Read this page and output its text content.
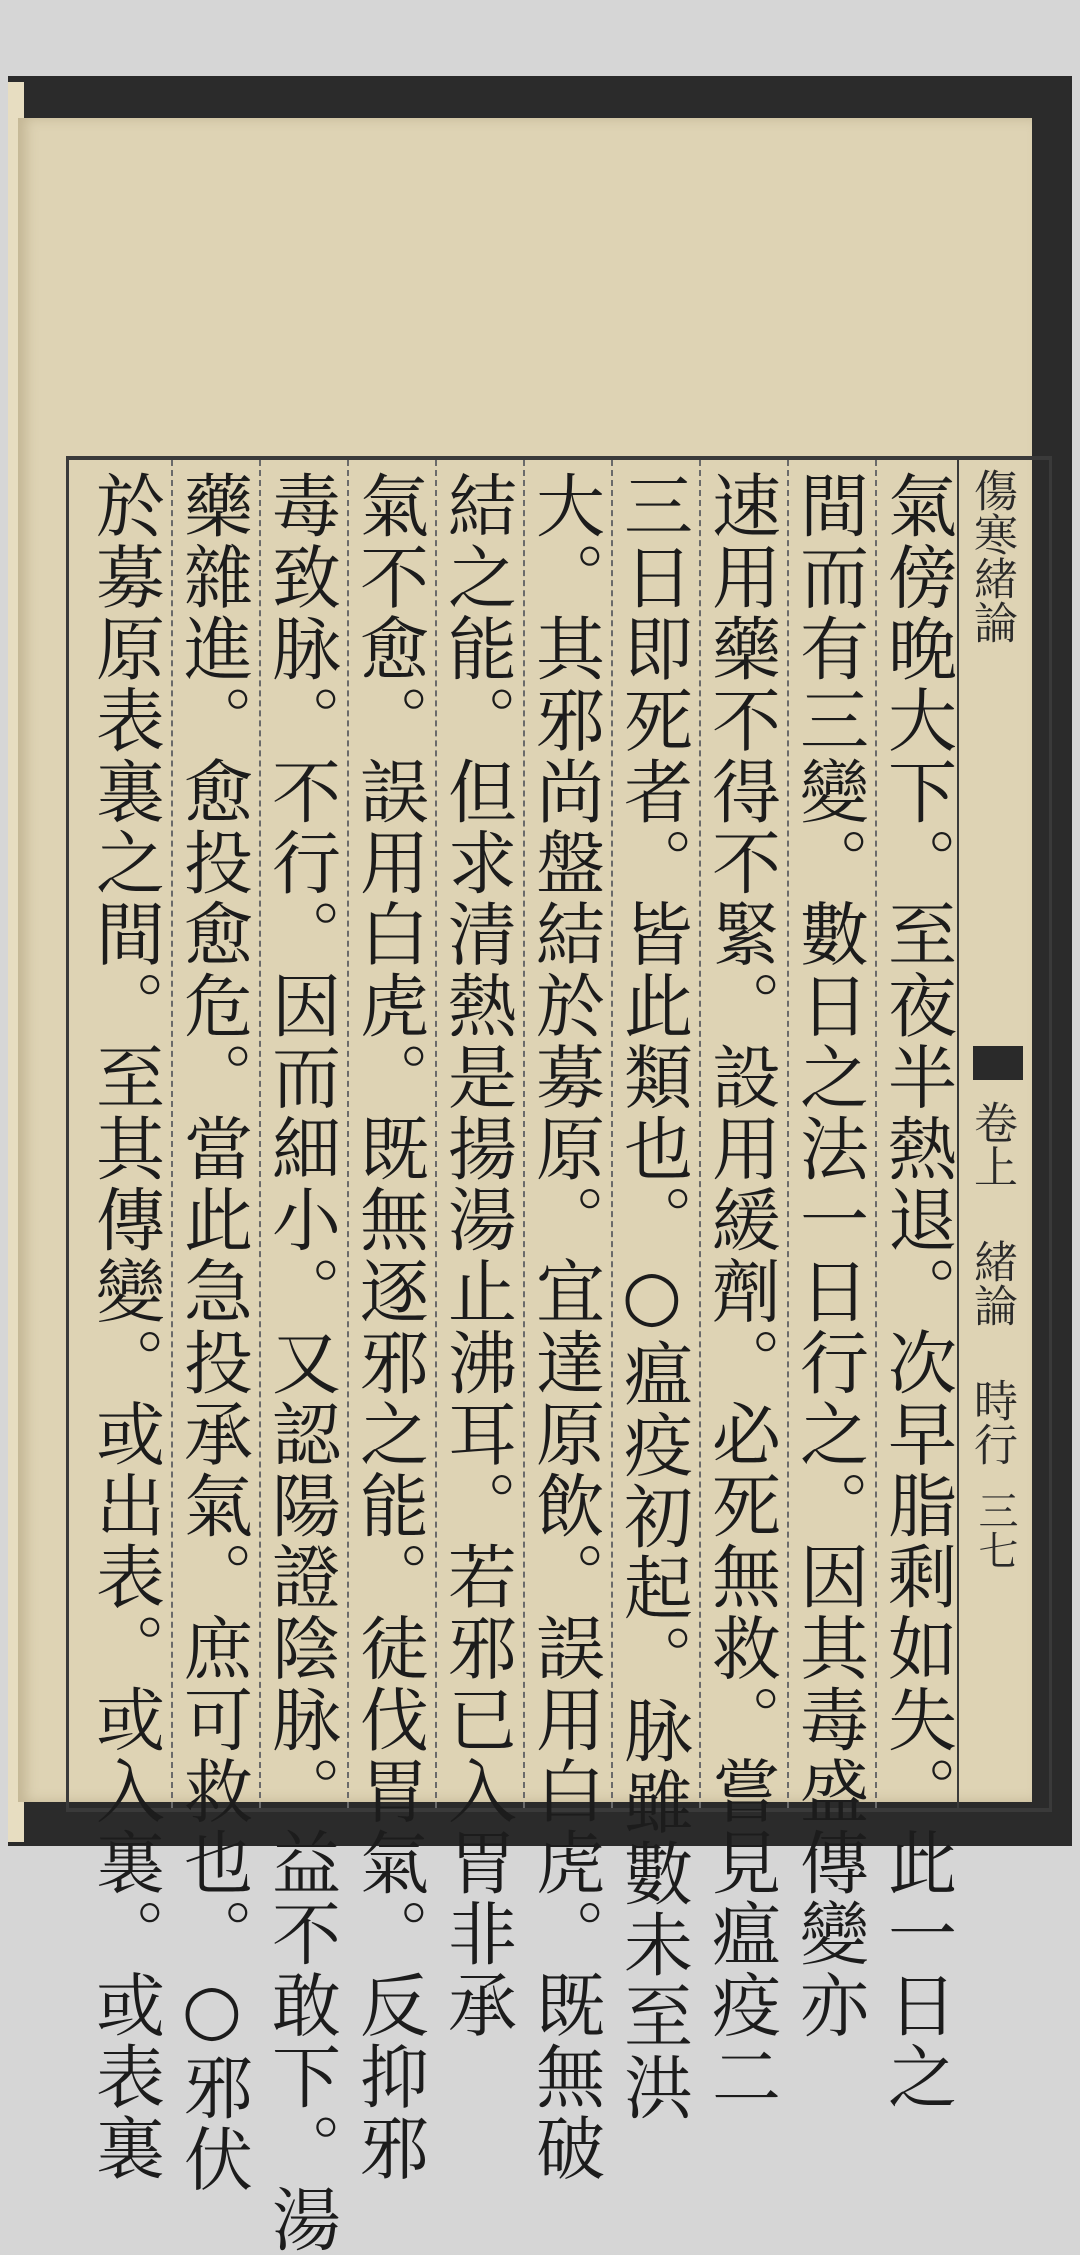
氣傍晚大下。至夜半熱退。次早脂剩如失。此一日之
間而有三變。數日之法一日行之。因其毒盛傳變亦
速用藥不得不緊。設用緩劑。必死無救。嘗見瘟疫二
三日即死者。皆此類也。○瘟疫初起。脉雖數未至洪
大。其邪尚盤結於募原。宜達原飲。誤用白虎。既無破
結之能。但求清熱是揚湯止沸耳。若邪已入胃非承
氣不愈。誤用白虎。既無逐邪之能。徒伐胃氣。反抑邪
毒致脉。不行。因而細小。又認陽證陰脉。益不敢下。湯
藥雜進。愈投愈危。當此急投承氣。庶可救也。○邪伏
於募原表裏之間。至其傳變。或出表。或入裏。或表裏	傷寒緒論
卷上 緒論 時行
三七
